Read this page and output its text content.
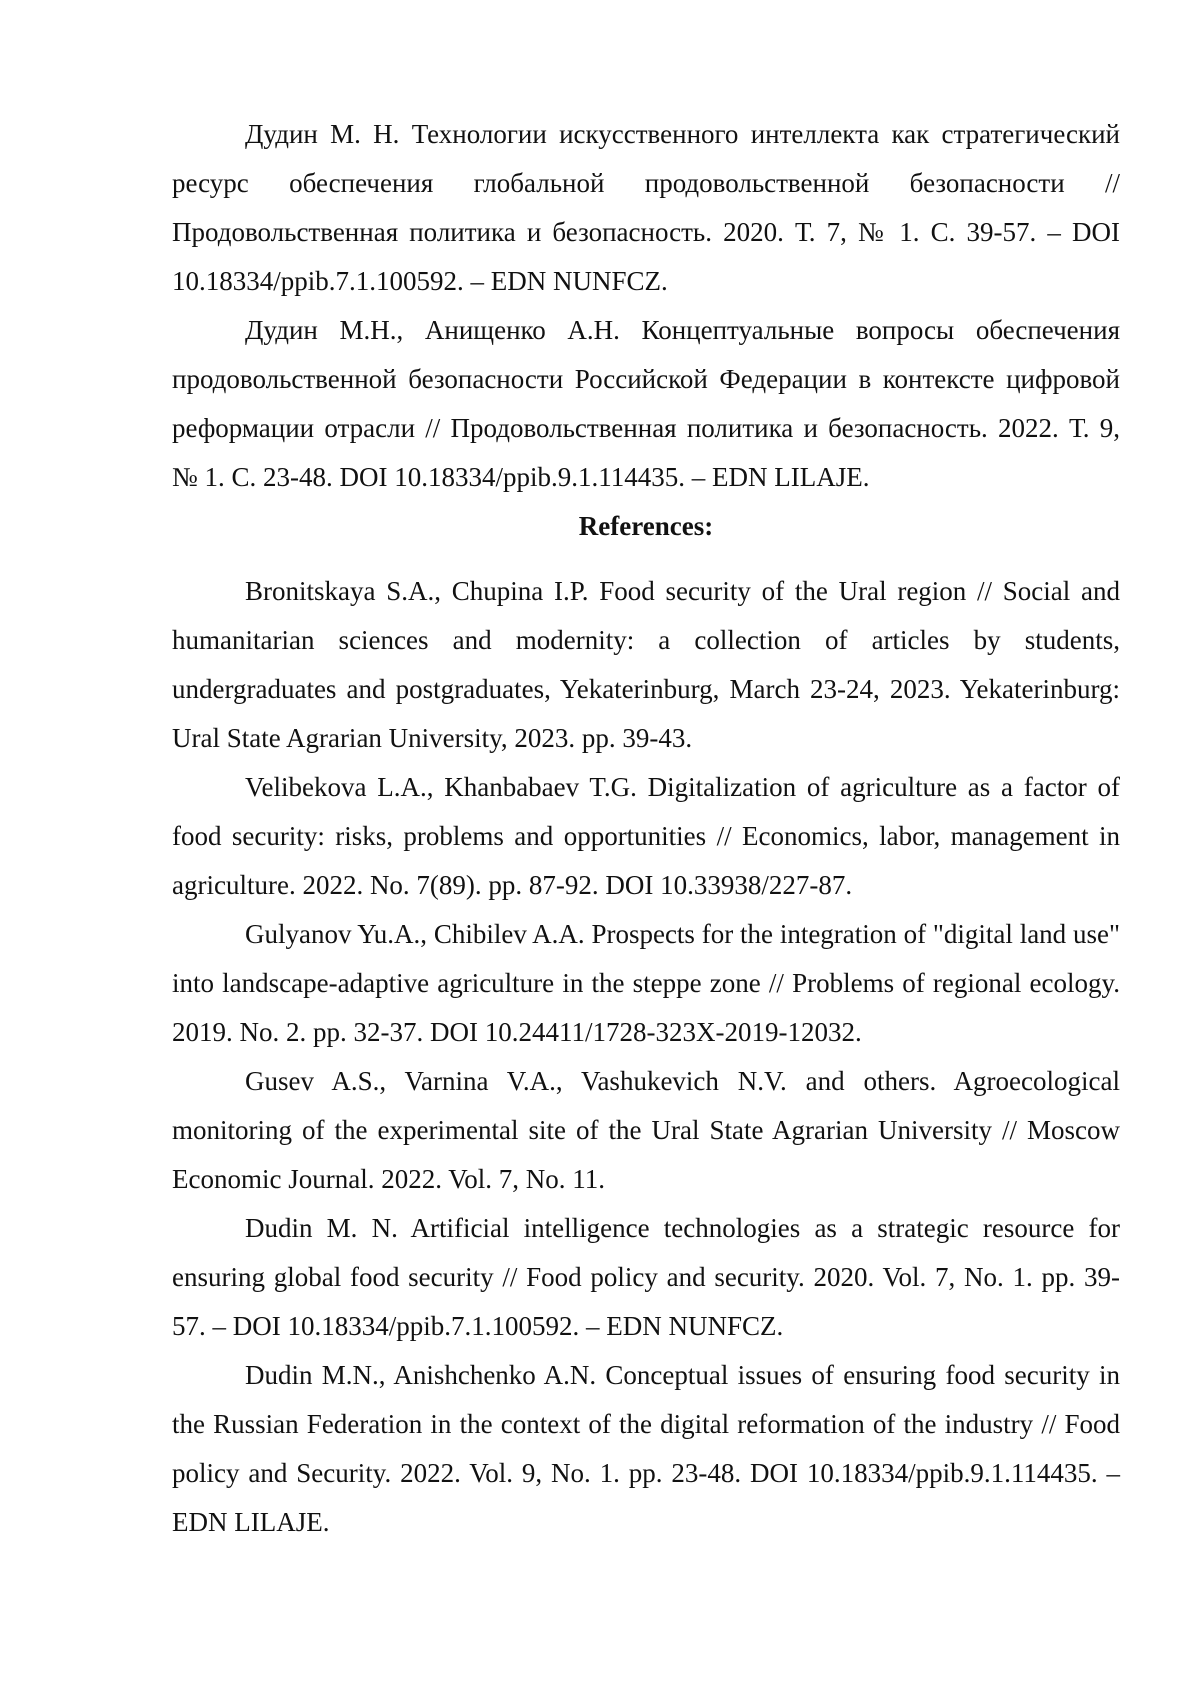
Дудин М. Н. Технологии искусственного интеллекта как стратегический ресурс обеспечения глобальной продовольственной безопасности // Продовольственная политика и безопасность. 2020. Т. 7, № 1. С. 39-57. – DOI 10.18334/ppib.7.1.100592. – EDN NUNFCZ.

Дудин М.Н., Анищенко А.Н. Концептуальные вопросы обеспечения продовольственной безопасности Российской Федерации в контексте цифровой реформации отрасли // Продовольственная политика и безопасность. 2022. Т. 9, № 1. С. 23-48. DOI 10.18334/ppib.9.1.114435. – EDN LILAJE.

References:

Bronitskaya S.A., Chupina I.P. Food security of the Ural region // Social and humanitarian sciences and modernity: a collection of articles by students, undergraduates and postgraduates, Yekaterinburg, March 23-24, 2023. Yekaterinburg: Ural State Agrarian University, 2023. pp. 39-43.

Velibekova L.A., Khanbabaev T.G. Digitalization of agriculture as a factor of food security: risks, problems and opportunities // Economics, labor, management in agriculture. 2022. No. 7(89). pp. 87-92. DOI 10.33938/227-87.

Gulyanov Yu.A., Chibilev A.A. Prospects for the integration of "digital land use" into landscape-adaptive agriculture in the steppe zone // Problems of regional ecology. 2019. No. 2. pp. 32-37. DOI 10.24411/1728-323X-2019-12032.

Gusev A.S., Varnina V.A., Vashukevich N.V. and others. Agroecological monitoring of the experimental site of the Ural State Agrarian University // Moscow Economic Journal. 2022. Vol. 7, No. 11.

Dudin M. N. Artificial intelligence technologies as a strategic resource for ensuring global food security // Food policy and security. 2020. Vol. 7, No. 1. pp. 39-57. – DOI 10.18334/ppib.7.1.100592. – EDN NUNFCZ.

Dudin M.N., Anishchenko A.N. Conceptual issues of ensuring food security in the Russian Federation in the context of the digital reformation of the industry // Food policy and Security. 2022. Vol. 9, No. 1. pp. 23-48. DOI 10.18334/ppib.9.1.114435. – EDN LILAJE.
